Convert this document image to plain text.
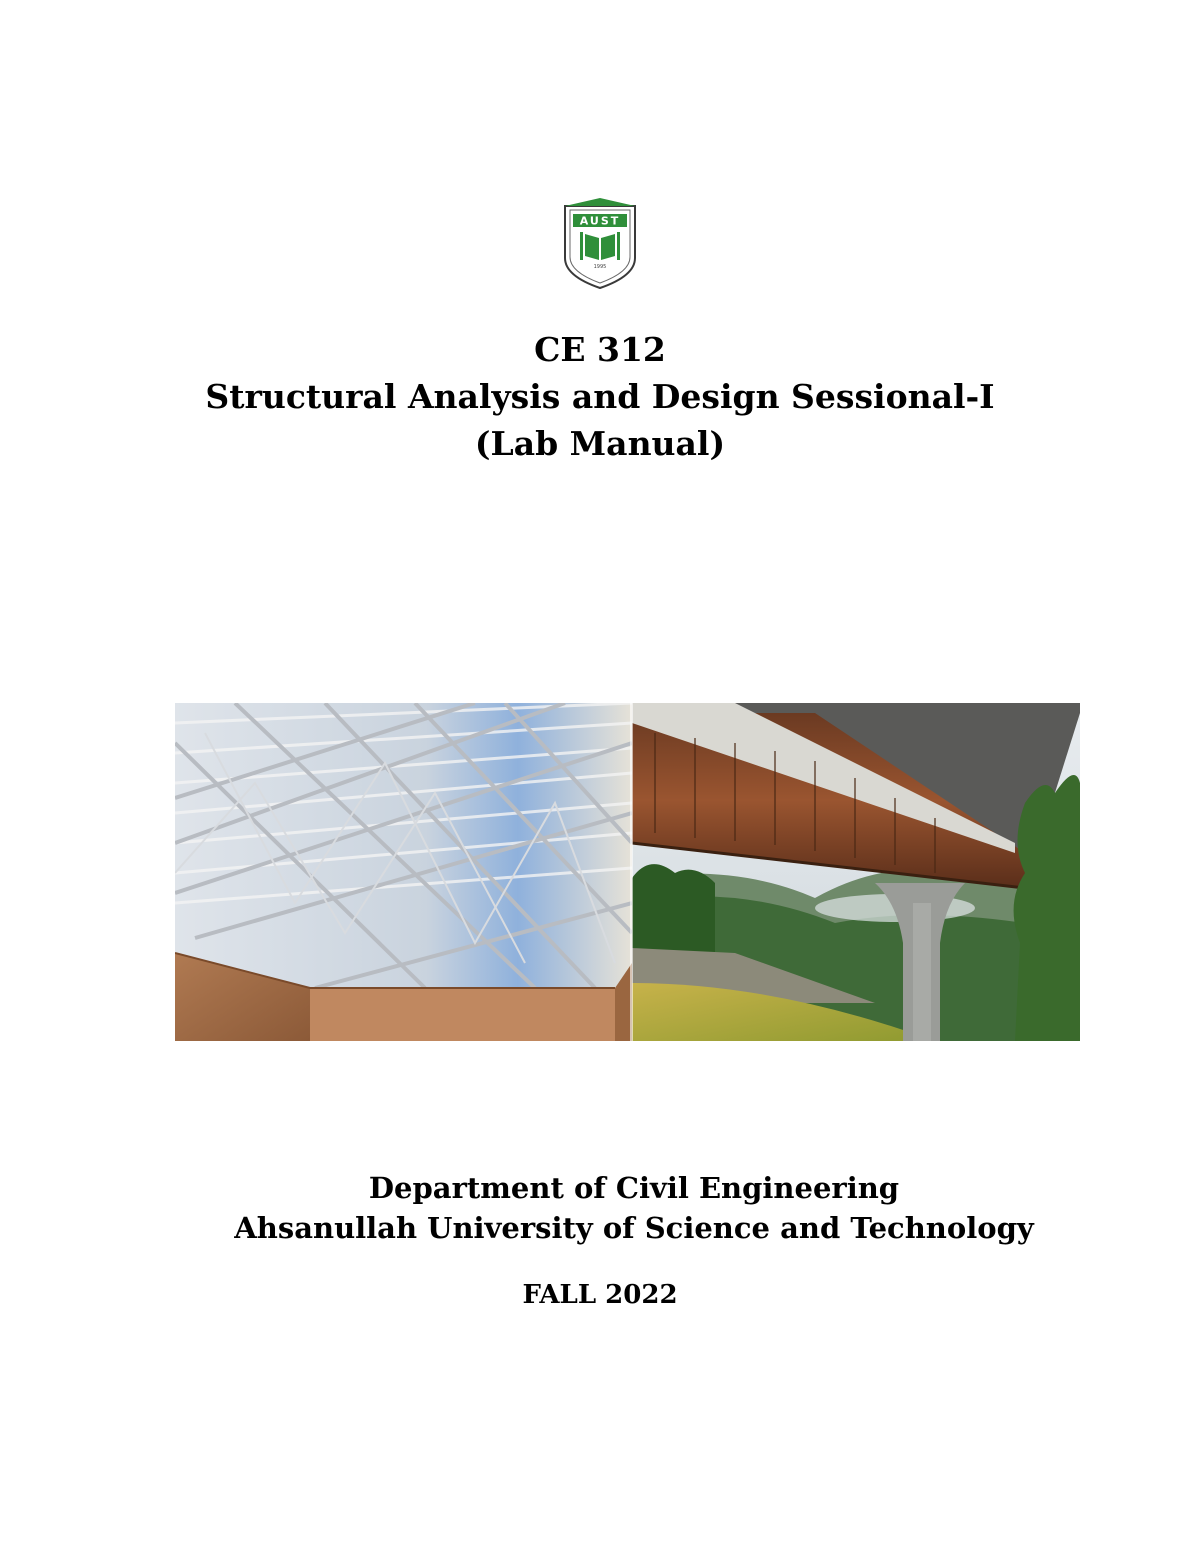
AUST
1995
CE 312
Structural Analysis and Design Sessional-I
(Lab Manual)
Department of Civil Engineering
Ahsanullah University of Science and Technology
FALL 2022
